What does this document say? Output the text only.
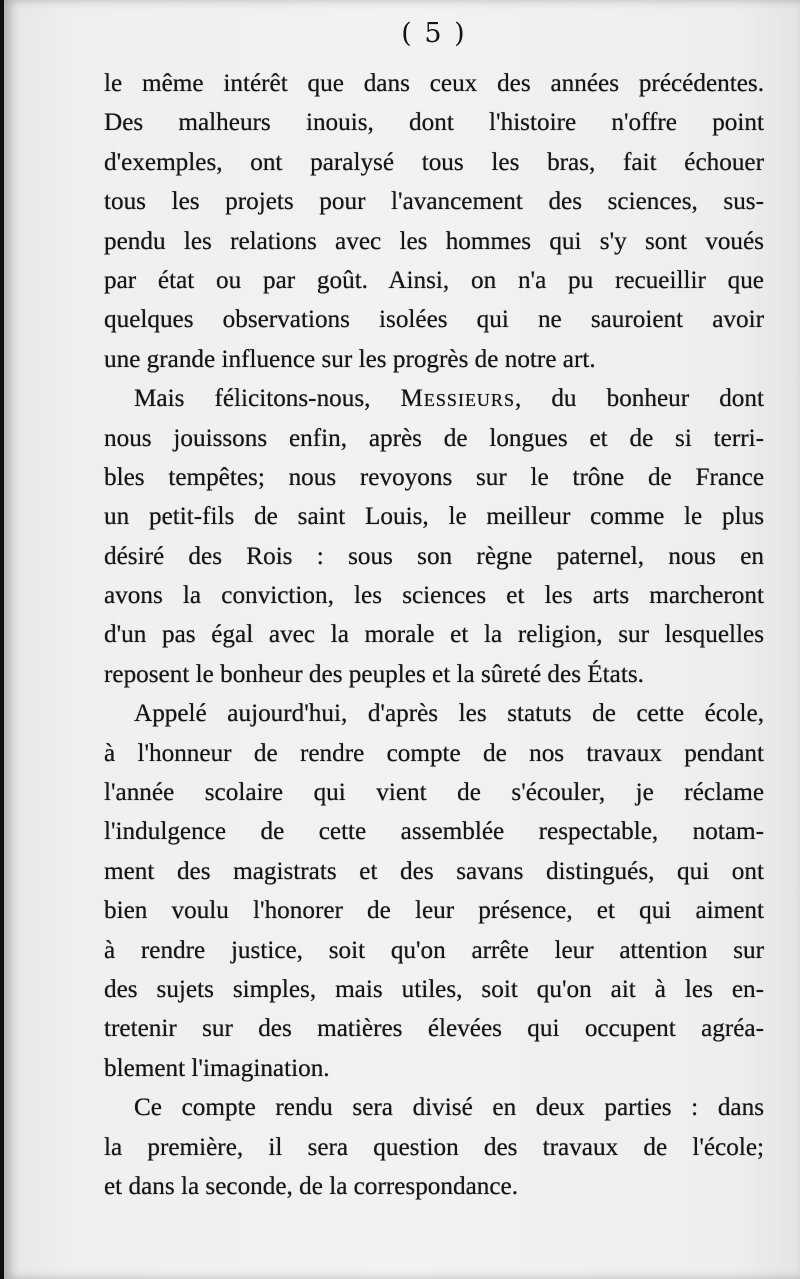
( 5 )
le même intérêt que dans ceux des années précédentes.
Des malheurs inouis, dont l'histoire n'offre point
d'exemples, ont paralysé tous les bras, fait échouer
tous les projets pour l'avancement des sciences, sus-
pendu les relations avec les hommes qui s'y sont voués
par état ou par goût. Ainsi, on n'a pu recueillir que
quelques observations isolées qui ne sauroient avoir
une grande influence sur les progrès de notre art.
Mais félicitons-nous, Messieurs, du bonheur dont
nous jouissons enfin, après de longues et de si terri-
bles tempêtes; nous revoyons sur le trône de France
un petit-fils de saint Louis, le meilleur comme le plus
désiré des Rois : sous son règne paternel, nous en
avons la conviction, les sciences et les arts marcheront
d'un pas égal avec la morale et la religion, sur lesquelles
reposent le bonheur des peuples et la sûreté des États.
Appelé aujourd'hui, d'après les statuts de cette école,
à l'honneur de rendre compte de nos travaux pendant
l'année scolaire qui vient de s'écouler, je réclame
l'indulgence de cette assemblée respectable, notam-
ment des magistrats et des savans distingués, qui ont
bien voulu l'honorer de leur présence, et qui aiment
à rendre justice, soit qu'on arrête leur attention sur
des sujets simples, mais utiles, soit qu'on ait à les en-
tretenir sur des matières élevées qui occupent agréa-
blement l'imagination.
Ce compte rendu sera divisé en deux parties : dans
la première, il sera question des travaux de l'école;
et dans la seconde, de la correspondance.
